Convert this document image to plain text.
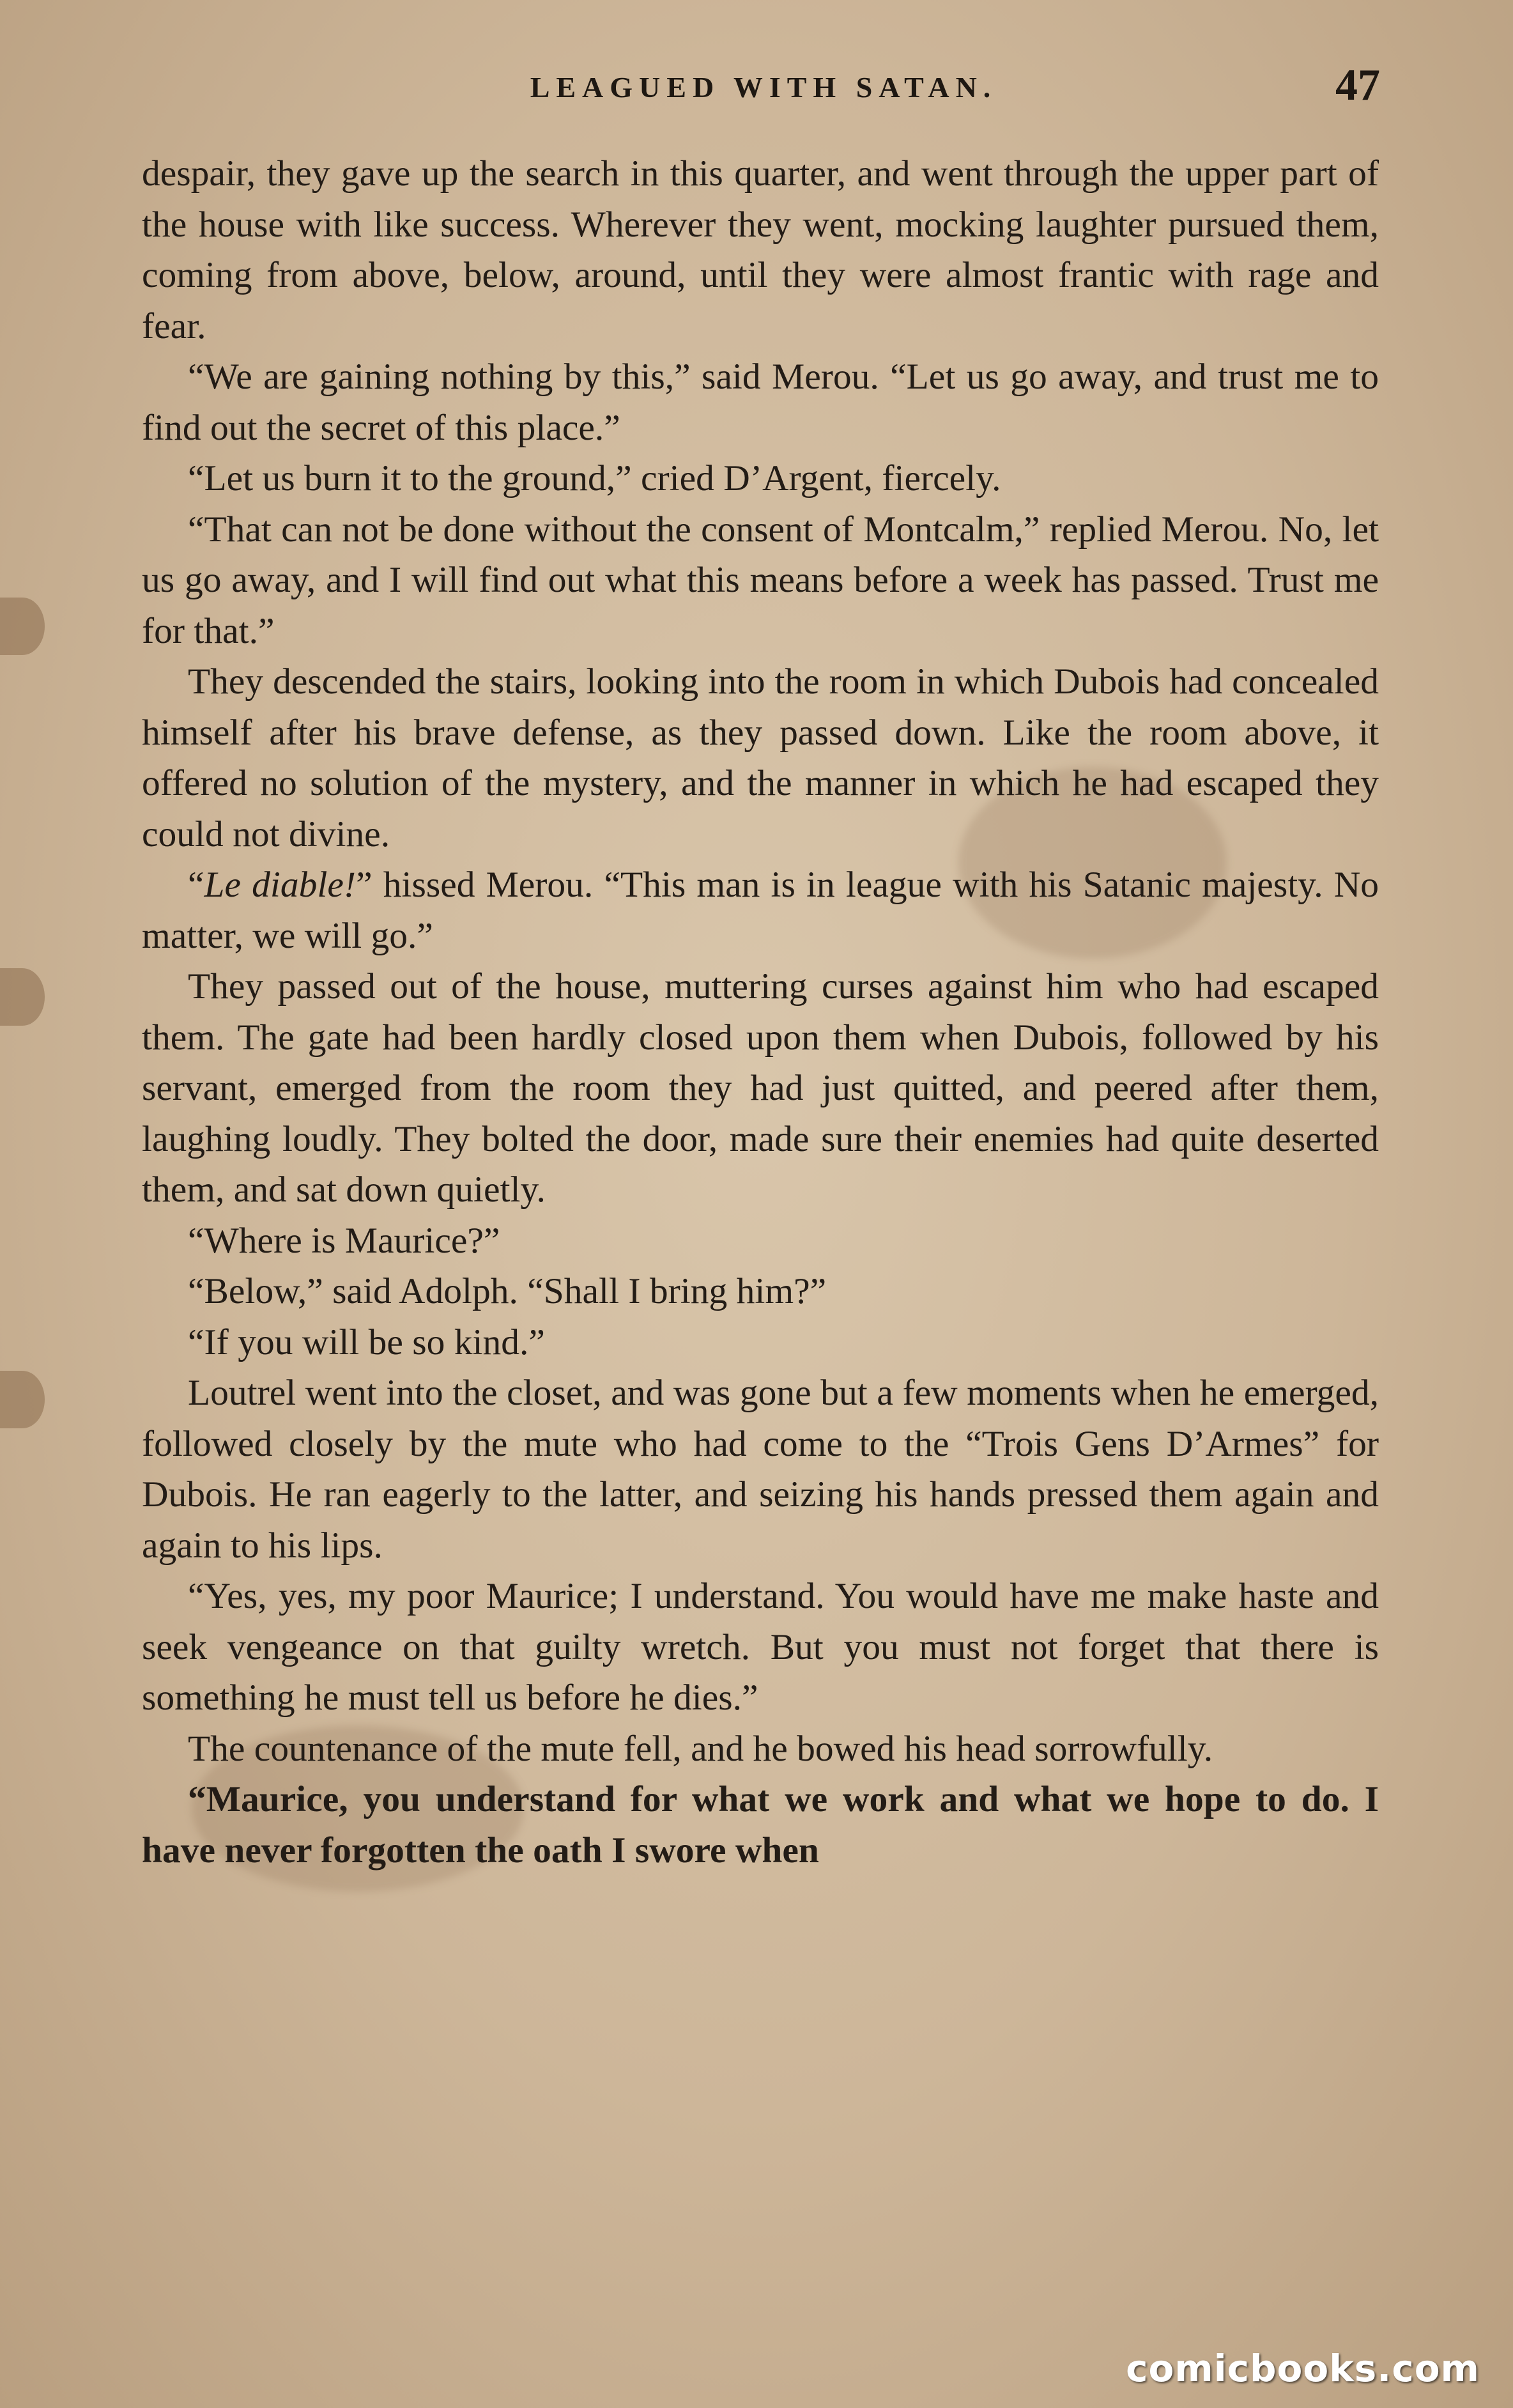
LEAGUED WITH SATAN.	47

despair, they gave up the search in this quarter, and went through the upper part of the house with like success. Wherever they went, mocking laughter pursued them, coming from above, below, around, until they were almost frantic with rage and fear.

“We are gaining nothing by this,” said Merou. “Let us go away, and trust me to find out the secret of this place.”

“Let us burn it to the ground,” cried D’Argent, fiercely.

“That can not be done without the consent of Montcalm,” replied Merou. No, let us go away, and I will find out what this means before a week has passed. Trust me for that.”

They descended the stairs, looking into the room in which Dubois had concealed himself after his brave defense, as they passed down. Like the room above, it offered no solution of the mystery, and the manner in which he had escaped they could not divine.

“Le diable!” hissed Merou. “This man is in league with his Satanic majesty. No matter, we will go.”

They passed out of the house, muttering curses against him who had escaped them. The gate had been hardly closed upon them when Dubois, followed by his servant, emerged from the room they had just quitted, and peered after them, laughing loudly. They bolted the door, made sure their enemies had quite deserted them, and sat down quietly.

“Where is Maurice?”

“Below,” said Adolph. “Shall I bring him?”

“If you will be so kind.”

Loutrel went into the closet, and was gone but a few moments when he emerged, followed closely by the mute who had come to the “Trois Gens D’Armes” for Dubois. He ran eagerly to the latter, and seizing his hands pressed them again and again to his lips.

“Yes, yes, my poor Maurice; I understand. You would have me make haste and seek vengeance on that guilty wretch. But you must not forget that there is something he must tell us before he dies.”

The countenance of the mute fell, and he bowed his head sorrowfully.

“Maurice, you understand for what we work and what we hope to do. I have never forgotten the oath I swore when

comicbooks.com
